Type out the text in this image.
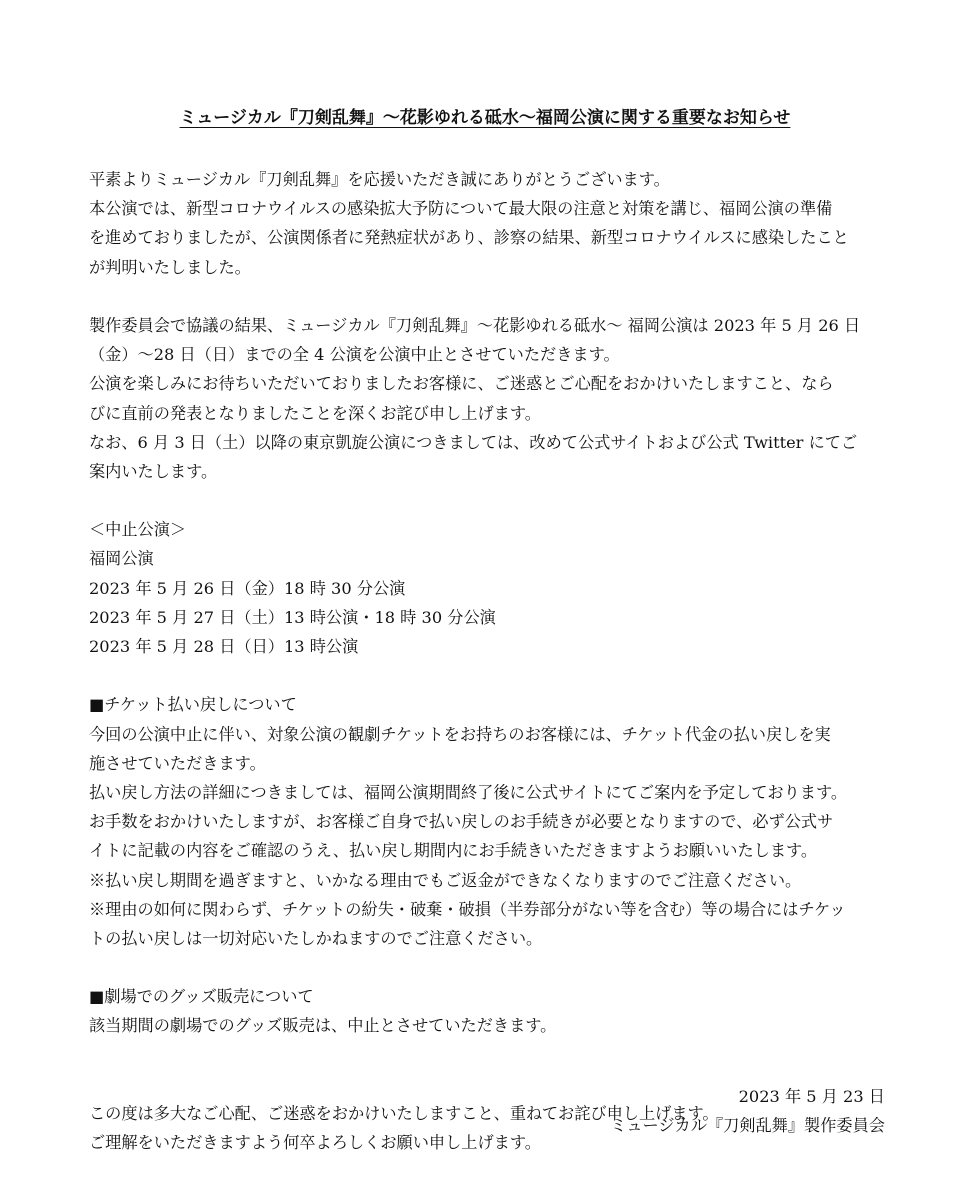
ミュージカル『刀剣乱舞』～花影ゆれる砥水～福岡公演に関する重要なお知らせ
平素よりミュージカル『刀剣乱舞』を応援いただき誠にありがとうございます。
本公演では、新型コロナウイルスの感染拡大予防について最大限の注意と対策を講じ、福岡公演の準備
を進めておりましたが、公演関係者に発熱症状があり、診察の結果、新型コロナウイルスに感染したこと
が判明いたしました。
製作委員会で協議の結果、ミュージカル『刀剣乱舞』～花影ゆれる砥水～ 福岡公演は 2023 年 5 月 26 日
（金）～28 日（日）までの全 4 公演を公演中止とさせていただきます。
公演を楽しみにお待ちいただいておりましたお客様に、ご迷惑とご心配をおかけいたしますこと、なら
びに直前の発表となりましたことを深くお詫び申し上げます。
なお、6 月 3 日（土）以降の東京凱旋公演につきましては、改めて公式サイトおよび公式 Twitter にてご
案内いたします。
＜中止公演＞
福岡公演
2023 年 5 月 26 日（金）18 時 30 分公演
2023 年 5 月 27 日（土）13 時公演・18 時 30 分公演
2023 年 5 月 28 日（日）13 時公演
■チケット払い戻しについて
今回の公演中止に伴い、対象公演の観劇チケットをお持ちのお客様には、チケット代金の払い戻しを実
施させていただきます。
払い戻し方法の詳細につきましては、福岡公演期間終了後に公式サイトにてご案内を予定しております。
お手数をおかけいたしますが、お客様ご自身で払い戻しのお手続きが必要となりますので、必ず公式サ
イトに記載の内容をご確認のうえ、払い戻し期間内にお手続きいただきますようお願いいたします。
※払い戻し期間を過ぎますと、いかなる理由でもご返金ができなくなりますのでご注意ください。
※理由の如何に関わらず、チケットの紛失・破棄・破損（半券部分がない等を含む）等の場合にはチケッ
トの払い戻しは一切対応いたしかねますのでご注意ください。
■劇場でのグッズ販売について
該当期間の劇場でのグッズ販売は、中止とさせていただきます。
この度は多大なご心配、ご迷惑をおかけいたしますこと、重ねてお詫び申し上げます。
ご理解をいただきますよう何卒よろしくお願い申し上げます。
2023 年 5 月 23 日
ミュージカル『刀剣乱舞』製作委員会
